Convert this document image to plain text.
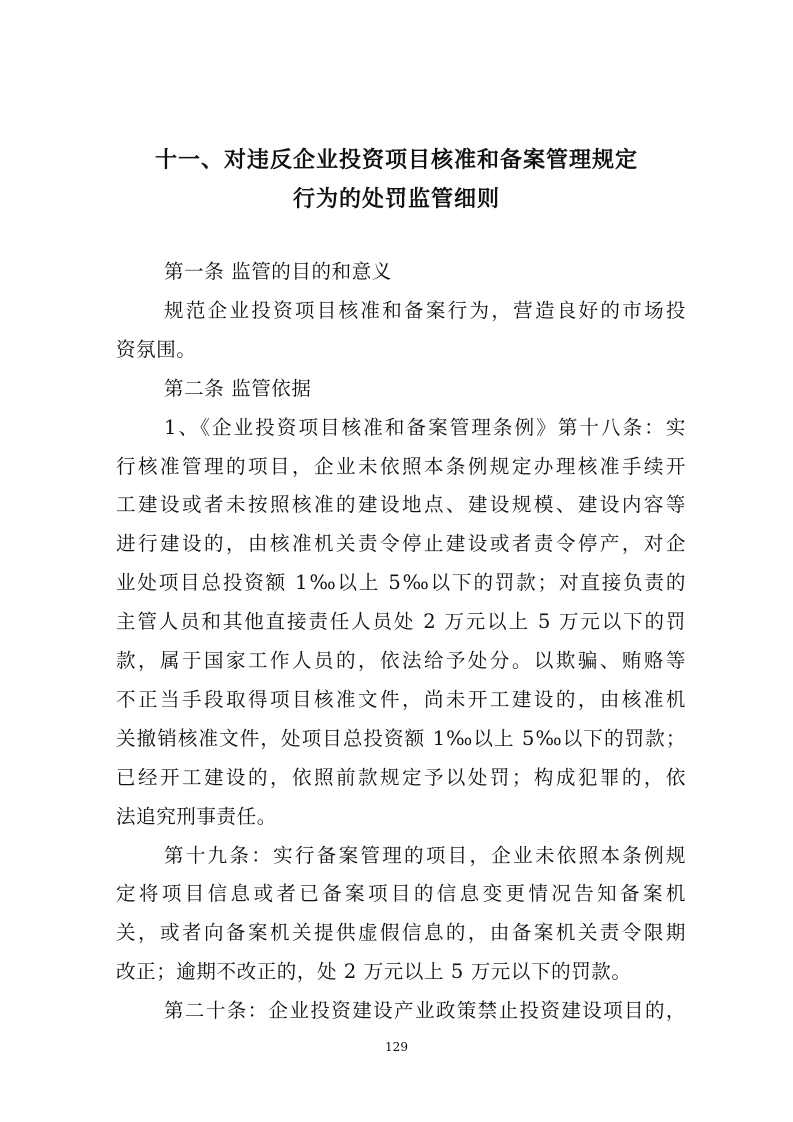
十一、对违反企业投资项目核准和备案管理规定
行为的处罚监管细则
第一条 监管的目的和意义
规范企业投资项目核准和备案行为，营造良好的市场投
资氛围。
第二条 监管依据
1、《企业投资项目核准和备案管理条例》第十八条：实
行核准管理的项目，企业未依照本条例规定办理核准手续开
工建设或者未按照核准的建设地点、建设规模、建设内容等
进行建设的，由核准机关责令停止建设或者责令停产，对企
业处项目总投资额 1‰以上 5‰以下的罚款；对直接负责的
主管人员和其他直接责任人员处 2 万元以上 5 万元以下的罚
款，属于国家工作人员的，依法给予处分。以欺骗、贿赂等
不正当手段取得项目核准文件，尚未开工建设的，由核准机
关撤销核准文件，处项目总投资额 1‰以上 5‰以下的罚款；
已经开工建设的，依照前款规定予以处罚；构成犯罪的，依
法追究刑事责任。
第十九条：实行备案管理的项目，企业未依照本条例规
定将项目信息或者已备案项目的信息变更情况告知备案机
关，或者向备案机关提供虚假信息的，由备案机关责令限期
改正；逾期不改正的，处 2 万元以上 5 万元以下的罚款。
第二十条：企业投资建设产业政策禁止投资建设项目的，
129
